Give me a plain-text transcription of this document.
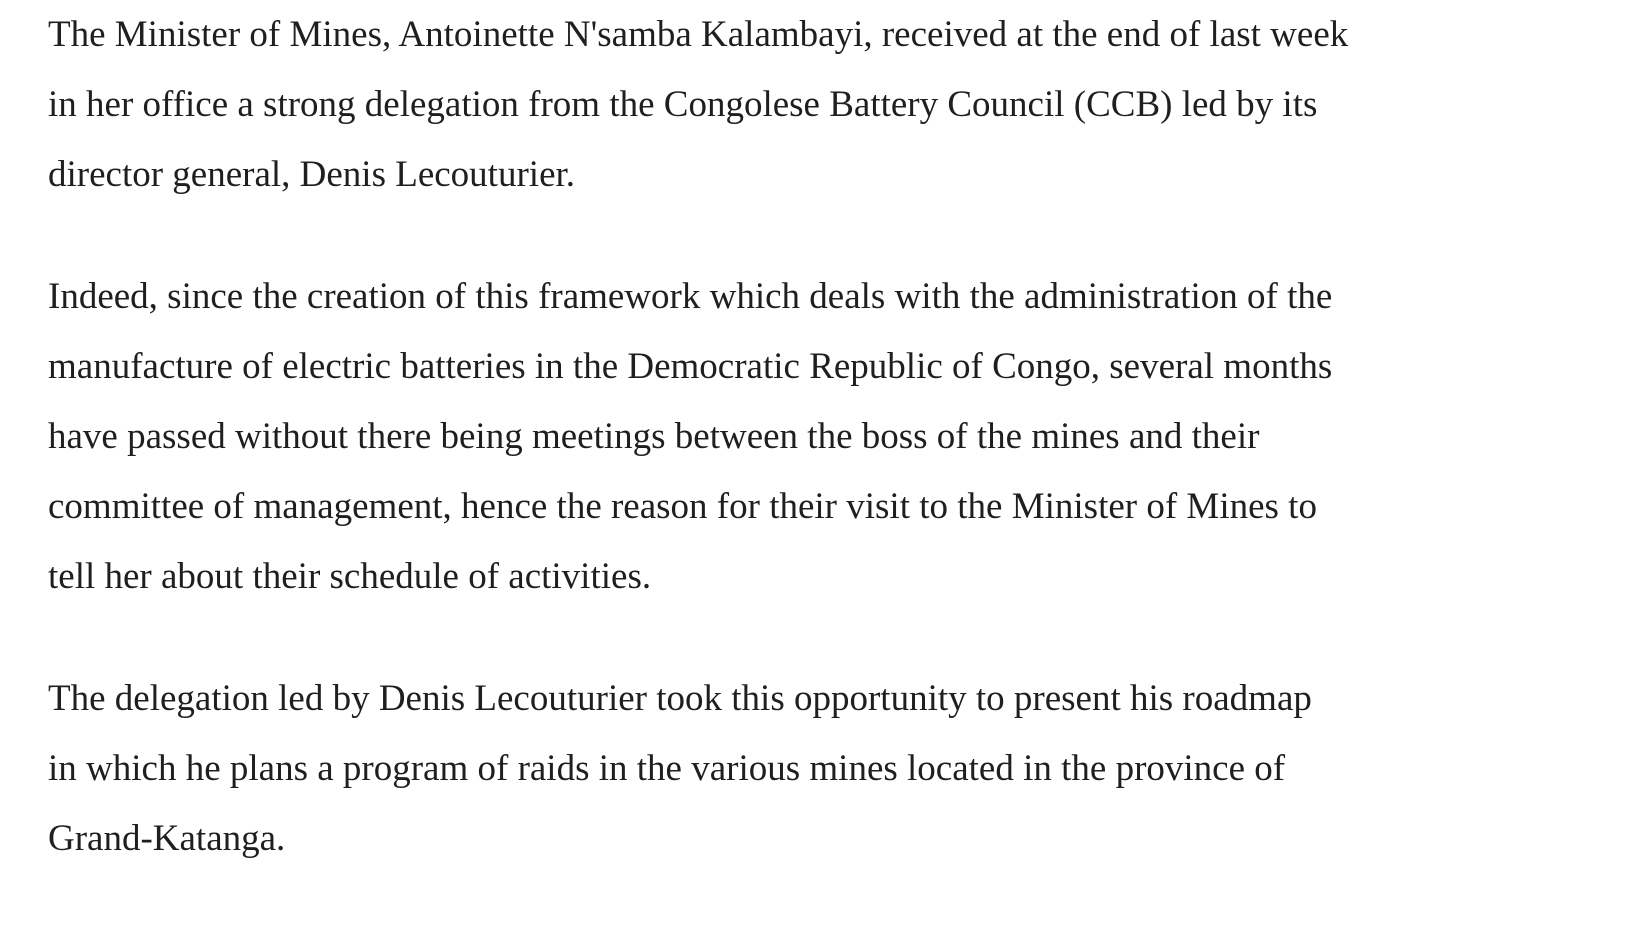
The Minister of Mines, Antoinette N'samba Kalambayi, received at the end of last week
in her office a strong delegation from the Congolese Battery Council (CCB) led by its
director general, Denis Lecouturier.

Indeed, since the creation of this framework which deals with the administration of the
manufacture of electric batteries in the Democratic Republic of Congo, several months
have passed without there being meetings between the boss of the mines and their
committee of management, hence the reason for their visit to the Minister of Mines to
tell her about their schedule of activities.

The delegation led by Denis Lecouturier took this opportunity to present his roadmap
in which he plans a program of raids in the various mines located in the province of
Grand-Katanga.
